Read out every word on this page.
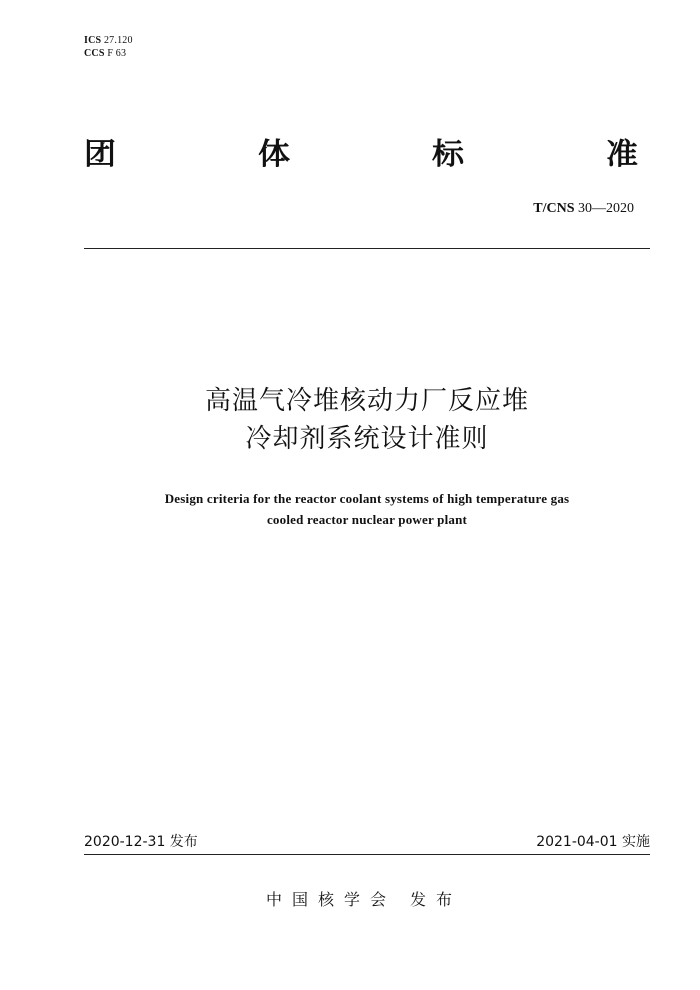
ICS 27.120
CCS F 63
团	体	标	准
T/CNS 30—2020
高温气冷堆核动力厂反应堆
冷却剂系统设计准则
Design criteria for the reactor coolant systems of high temperature gas
cooled reactor nuclear power plant
2020-12-31 发布	2021-04-01 实施
中国核学会 发布
